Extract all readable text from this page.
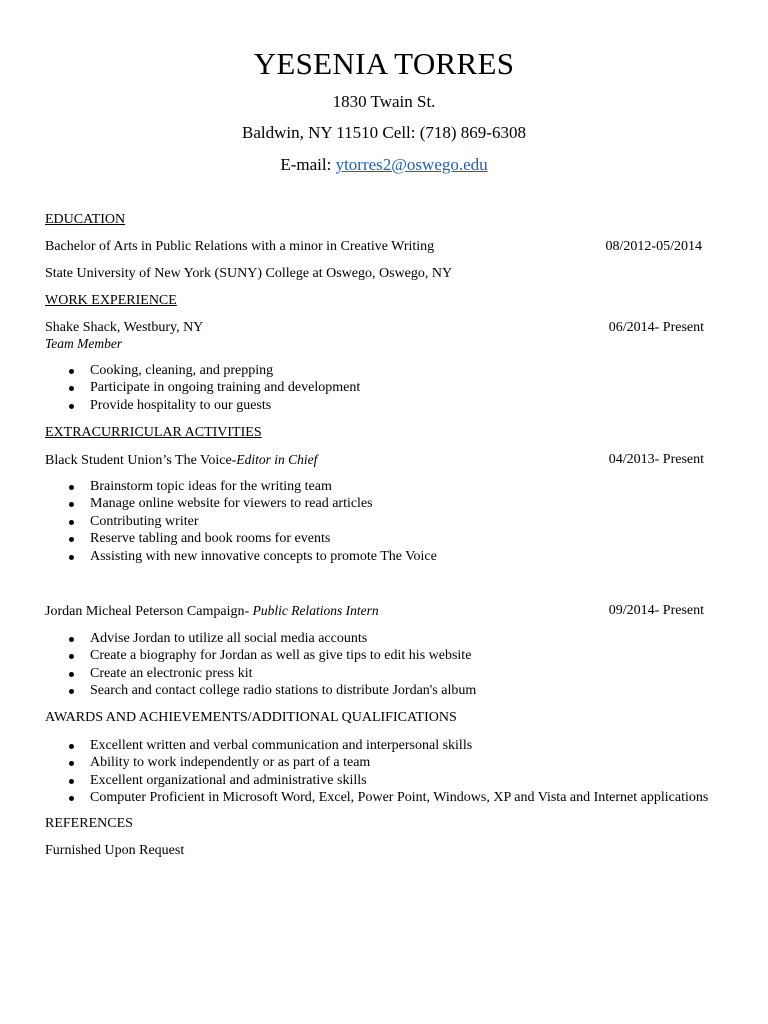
YESENIA TORRES
1830 Twain St.
Baldwin, NY 11510 Cell: (718) 869-6308
E-mail: ytorres2@oswego.edu
EDUCATION
Bachelor of Arts in Public Relations with a minor in Creative Writing	08/2012-05/2014
State University of New York (SUNY) College at Oswego, Oswego, NY
WORK EXPERIENCE
Shake Shack, Westbury, NY	06/2014- Present
Team Member
Cooking, cleaning, and prepping
Participate in ongoing training and development
Provide hospitality to our guests
EXTRACURRICULAR ACTIVITIES
Black Student Union’s The Voice-Editor in Chief	04/2013- Present
Brainstorm topic ideas for the writing team
Manage online website for viewers to read articles
Contributing writer
Reserve tabling and book rooms for events
Assisting with new innovative concepts to promote The Voice
Jordan Micheal Peterson Campaign- Public Relations Intern	09/2014- Present
Advise Jordan to utilize all social media accounts
Create a biography for Jordan as well as give tips to edit his website
Create an electronic press kit
Search and contact college radio stations to distribute Jordan's album
AWARDS AND ACHIEVEMENTS/ADDITIONAL QUALIFICATIONS
Excellent written and verbal communication and interpersonal skills
Ability to work independently or as part of a team
Excellent organizational and administrative skills
Computer Proficient in Microsoft Word, Excel, Power Point, Windows, XP and Vista and Internet applications
REFERENCES
Furnished Upon Request
